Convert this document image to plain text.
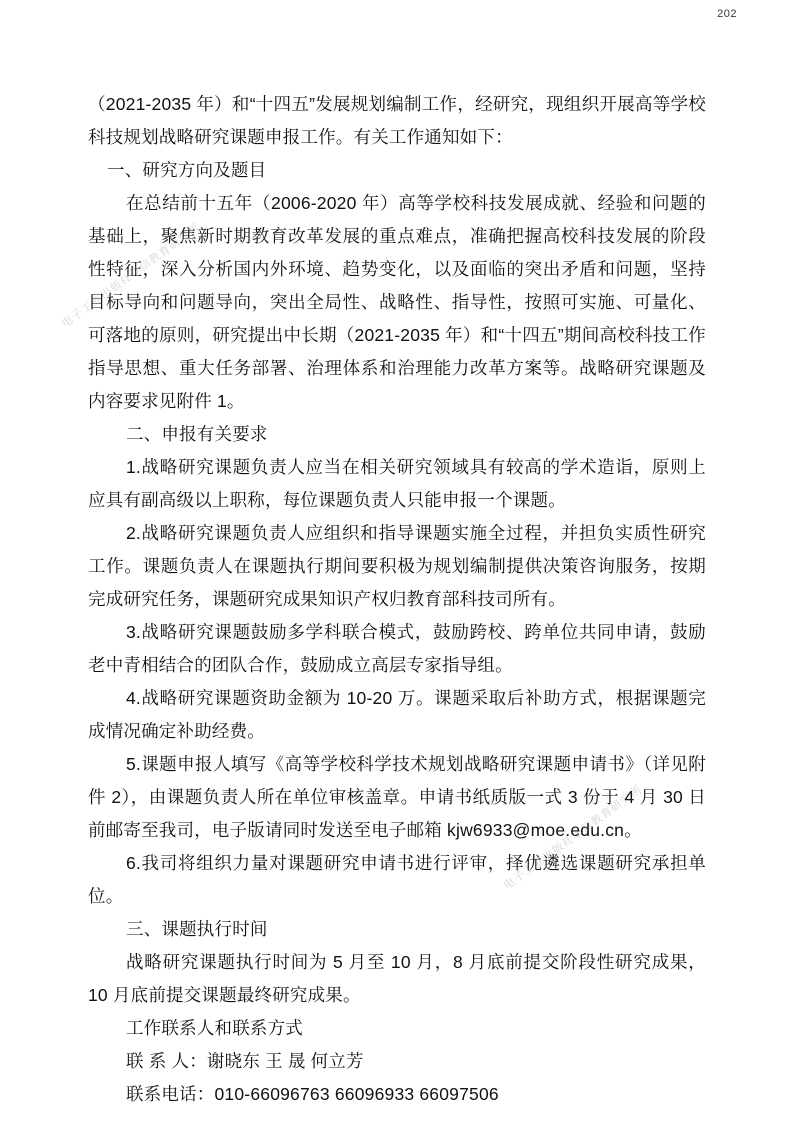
202

（2021-2035 年）和“十四五”发展规划编制工作，经研究，现组织开展高等学校科技规划战略研究课题申报工作。有关工作通知如下：

一、研究方向及题目

在总结前十五年（2006-2020 年）高等学校科技发展成就、经验和问题的基础上，聚焦新时期教育改革发展的重点难点，准确把握高校科技发展的阶段性特征，深入分析国内外环境、趋势变化，以及面临的突出矛盾和问题，坚持目标导向和问题导向，突出全局性、战略性、指导性，按照可实施、可量化、可落地的原则，研究提出中长期（2021-2035 年）和“十四五”期间高校科技工作指导思想、重大任务部署、治理体系和治理能力改革方案等。战略研究课题及内容要求见附件 1。

二、申报有关要求

1.战略研究课题负责人应当在相关研究领域具有较高的学术造诣，原则上应具有副高级以上职称，每位课题负责人只能申报一个课题。

2.战略研究课题负责人应组织和指导课题实施全过程，并担负实质性研究工作。课题负责人在课题执行期间要积极为规划编制提供决策咨询服务，按期完成研究任务，课题研究成果知识产权归教育部科技司所有。

3.战略研究课题鼓励多学科联合模式，鼓励跨校、跨单位共同申请，鼓励老中青相结合的团队合作，鼓励成立高层专家指导组。

4.战略研究课题资助金额为 10-20 万。课题采取后补助方式，根据课题完成情况确定补助经费。

5.课题申报人填写《高等学校科学技术规划战略研究课题申请书》（详见附件 2），由课题负责人所在单位审核盖章。申请书纸质版一式 3 份于 4 月 30 日前邮寄至我司，电子版请同时发送至电子邮箱 kjw6933@moe.edu.cn。

6.我司将组织力量对课题研究申请书进行评审，择优遴选课题研究承担单位。

三、课题执行时间

战略研究课题执行时间为 5 月至 10 月，8 月底前提交阶段性研究成果，10 月底前提交课题最终研究成果。

工作联系人和联系方式

联 系 人：谢晓东 王 晟 何立芳

联系电话：010-66096763 66096933 66097506

电子工业出版社华信教育研究所
电子工业出版社华信教育研究所
